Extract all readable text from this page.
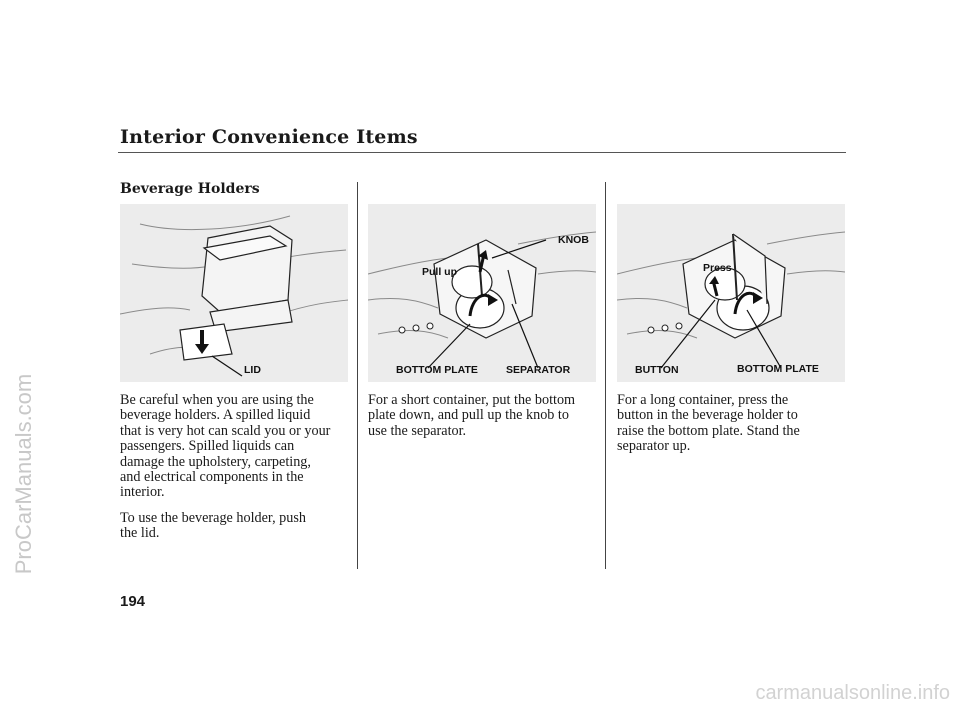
Interior Convenience Items
Beverage Holders
LID
KNOB
Pull up
BOTTOM PLATE	SEPARATOR
Press
BUTTON	BOTTOM PLATE

Be careful when you are using the
beverage holders. A spilled liquid
that is very hot can scald you or your
passengers. Spilled liquids can
damage the upholstery, carpeting,
and electrical components in the
interior.

To use the beverage holder, push
the lid.

For a short container, put the bottom
plate down, and pull up the knob to
use the separator.

For a long container, press the
button in the beverage holder to
raise the bottom plate. Stand the
separator up.

194
ProCarManuals.com
carmanualsonline.info
